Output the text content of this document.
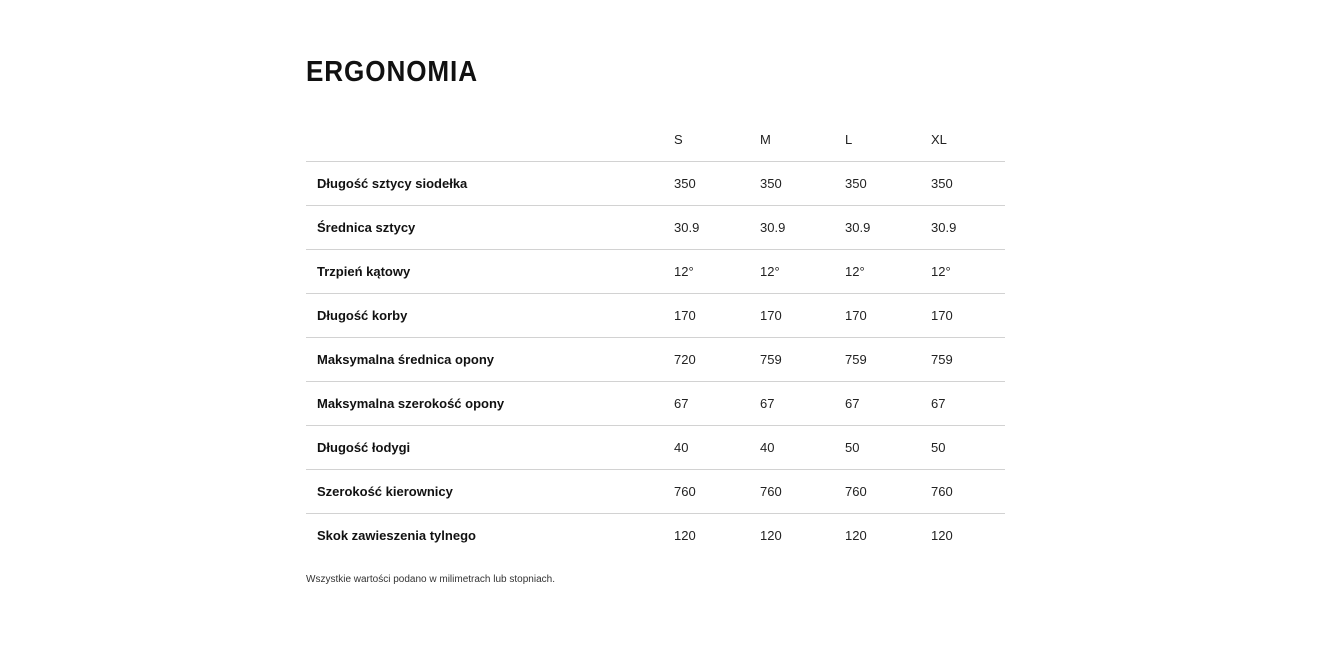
ERGONOMIA
	S	M	L	XL
Długość sztycy siodełka	350	350	350	350
Średnica sztycy	30.9	30.9	30.9	30.9
Trzpień kątowy	12°	12°	12°	12°
Długość korby	170	170	170	170
Maksymalna średnica opony	720	759	759	759
Maksymalna szerokość opony	67	67	67	67
Długość łodygi	40	40	50	50
Szerokość kierownicy	760	760	760	760
Skok zawieszenia tylnego	120	120	120	120
Wszystkie wartości podano w milimetrach lub stopniach.
